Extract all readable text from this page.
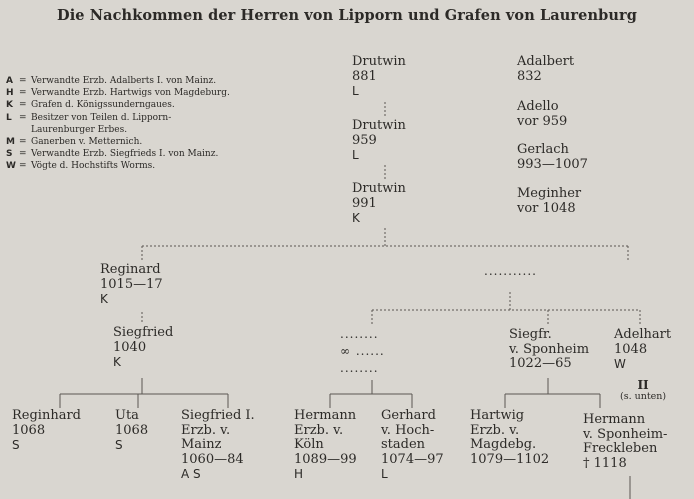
Die Nachkommen der Herren von Lipporn und Grafen von Laurenburg
A = Verwandte Erzb. Adalberts I. von Mainz.
H = Verwandte Erzb. Hartwigs von Magdeburg.
K = Grafen d. Königssunderngaues.
L = Besitzer von Teilen d. Lipporn-
Laurenburger Erbes.
M = Ganerben v. Metternich.
S = Verwandte Erzb. Siegfrieds I. von Mainz.
W = Vögte d. Hochstifts Worms.
Drutwin
881
L
Drutwin
959
L
Drutwin
991
K
Adalbert
832
Adello
vor 959
Gerlach
993—1007
Meginher
vor 1048
Reginard
1015—17
K
Siegfried
1040
K
...........
........
∞ ......
........
Siegfr.
v. Sponheim
1022—65
Adelhart
1048
W
II
(s. unten)
Reginhard
1068
S
Uta
1068
S
Siegfried I.
Erzb. v.
Mainz
1060—84
A S
Hermann
Erzb. v.
Köln
1089—99
H
Gerhard
v. Hoch-
staden
1074—97
L
Hartwig
Erzb. v.
Magdebg.
1079—1102
Hermann
v. Sponheim-
Freckleben
† 1118
